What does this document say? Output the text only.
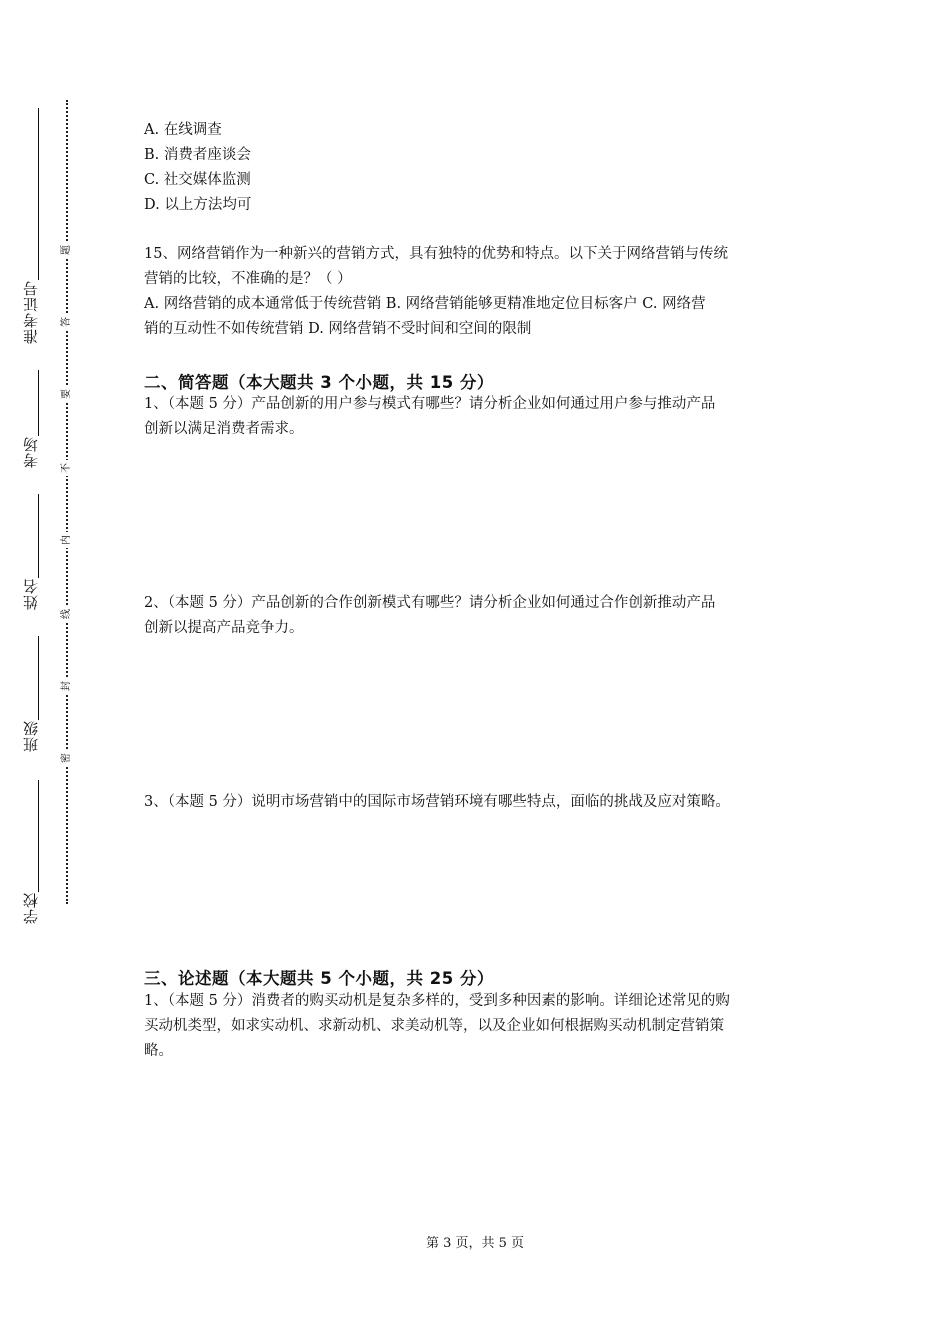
准考证号
考场
姓名
班级
学校
题
答
要
不
内
线
封
密
A. 在线调查
B. 消费者座谈会
C. 社交媒体监测
D. 以上方法均可
15、网络营销作为一种新兴的营销方式，具有独特的优势和特点。以下关于网络营销与传统
营销的比较，不准确的是？（ ）
A. 网络营销的成本通常低于传统营销 B. 网络营销能够更精准地定位目标客户 C. 网络营
销的互动性不如传统营销 D. 网络营销不受时间和空间的限制
二、简答题（本大题共 3 个小题，共 15 分）
1、（本题 5 分）产品创新的用户参与模式有哪些？请分析企业如何通过用户参与推动产品
创新以满足消费者需求。
2、（本题 5 分）产品创新的合作创新模式有哪些？请分析企业如何通过合作创新推动产品
创新以提高产品竞争力。
3、（本题 5 分）说明市场营销中的国际市场营销环境有哪些特点，面临的挑战及应对策略。
三、论述题（本大题共 5 个小题，共 25 分）
1、（本题 5 分）消费者的购买动机是复杂多样的，受到多种因素的影响。详细论述常见的购
买动机类型，如求实动机、求新动机、求美动机等，以及企业如何根据购买动机制定营销策
略。
第 3 页，共 5 页
